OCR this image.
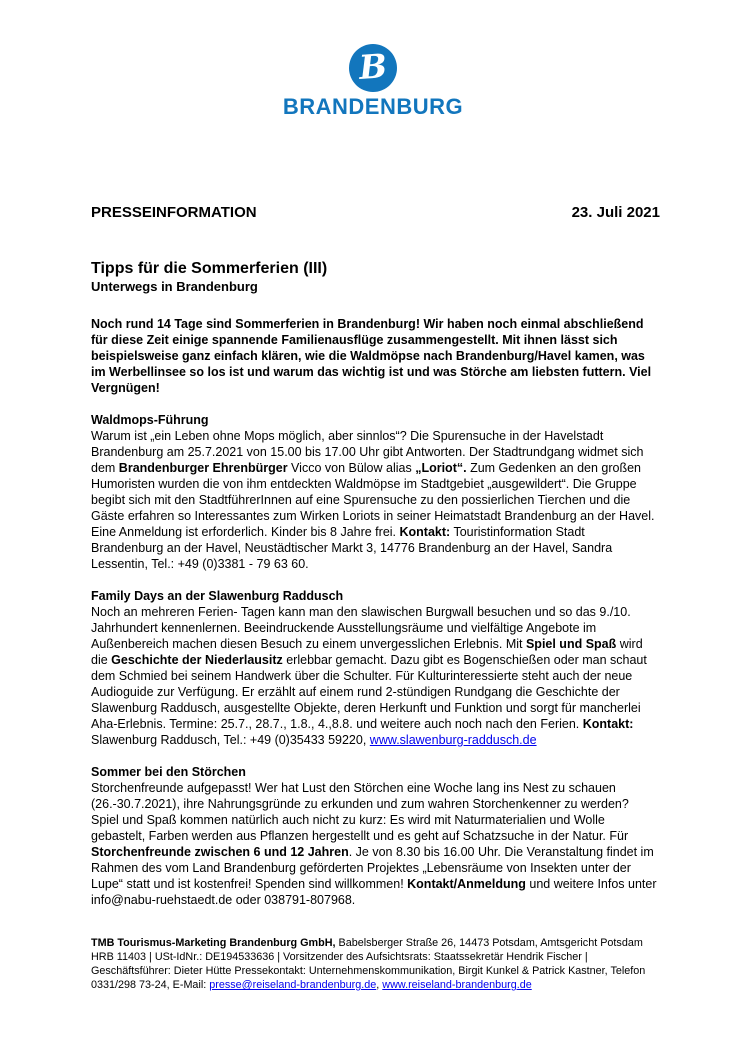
B
BRANDENBURG
PRESSEINFORMATION	23. Juli 2021
Tipps für die Sommerferien (III)
Unterwegs in Brandenburg

Noch rund 14 Tage sind Sommerferien in Brandenburg! Wir haben noch einmal abschließend für diese Zeit einige spannende Familienausflüge zusammengestellt. Mit ihnen lässt sich beispielsweise ganz einfach klären, wie die Waldmöpse nach Brandenburg/Havel kamen, was im Werbellinsee so los ist und warum das wichtig ist und was Störche am liebsten futtern. Viel Vergnügen!

Waldmops-Führung
Warum ist „ein Leben ohne Mops möglich, aber sinnlos“? Die Spurensuche in der Havelstadt Brandenburg am 25.7.2021 von 15.00 bis 17.00 Uhr gibt Antworten. Der Stadtrundgang widmet sich dem Brandenburger Ehrenbürger Vicco von Bülow alias „Loriot“. Zum Gedenken an den großen Humoristen wurden die von ihm entdeckten Waldmöpse im Stadtgebiet „ausgewildert“. Die Gruppe begibt sich mit den StadtführerInnen auf eine Spurensuche zu den possierlichen Tierchen und die Gäste erfahren so Interessantes zum Wirken Loriots in seiner Heimatstadt Brandenburg an der Havel. Eine Anmeldung ist erforderlich. Kinder bis 8 Jahre frei. Kontakt: Touristinformation Stadt Brandenburg an der Havel, Neustädtischer Markt 3, 14776 Brandenburg an der Havel, Sandra Lessentin, Tel.: +49 (0)3381 - 79 63 60.
Family Days an der Slawenburg Raddusch
Noch an mehreren Ferien- Tagen kann man den slawischen Burgwall besuchen und so das 9./10. Jahrhundert kennenlernen. Beeindruckende Ausstellungsräume und vielfältige Angebote im Außenbereich machen diesen Besuch zu einem unvergesslichen Erlebnis. Mit Spiel und Spaß wird die Geschichte der Niederlausitz erlebbar gemacht. Dazu gibt es Bogenschießen oder man schaut dem Schmied bei seinem Handwerk über die Schulter. Für Kulturinteressierte steht auch der neue Audioguide zur Verfügung. Er erzählt auf einem rund 2-stündigen Rundgang die Geschichte der Slawenburg Raddusch, ausgestellte Objekte, deren Herkunft und Funktion und sorgt für mancherlei Aha-Erlebnis. Termine: 25.7., 28.7., 1.8., 4.,8.8. und weitere auch noch nach den Ferien. Kontakt: Slawenburg Raddusch, Tel.: +49 (0)35433 59220, www.slawenburg-raddusch.de
Sommer bei den Störchen
Storchenfreunde aufgepasst! Wer hat Lust den Störchen eine Woche lang ins Nest zu schauen (26.-30.7.2021), ihre Nahrungsgründe zu erkunden und zum wahren Storchenkenner zu werden? Spiel und Spaß kommen natürlich auch nicht zu kurz: Es wird mit Naturmaterialien und Wolle gebastelt, Farben werden aus Pflanzen hergestellt und es geht auf Schatzsuche in der Natur. Für Storchenfreunde zwischen 6 und 12 Jahren. Je von 8.30 bis 16.00 Uhr. Die Veranstaltung findet im Rahmen des vom Land Brandenburg geförderten Projektes „Lebensräume von Insekten unter der Lupe“ statt und ist kostenfrei! Spenden sind willkommen! Kontakt/Anmeldung und weitere Infos unter info@nabu-ruehstaedt.de oder 038791-807968.
TMB Tourismus-Marketing Brandenburg GmbH, Babelsberger Straße 26, 14473 Potsdam, Amtsgericht Potsdam HRB 11403 | USt-IdNr.: DE194533636 | Vorsitzender des Aufsichtsrats: Staatssekretär Hendrik Fischer | Geschäftsführer: Dieter Hütte Pressekontakt: Unternehmenskommunikation, Birgit Kunkel & Patrick Kastner, Telefon 0331/298 73-24, E-Mail: presse@reiseland-brandenburg.de, www.reiseland-brandenburg.de
